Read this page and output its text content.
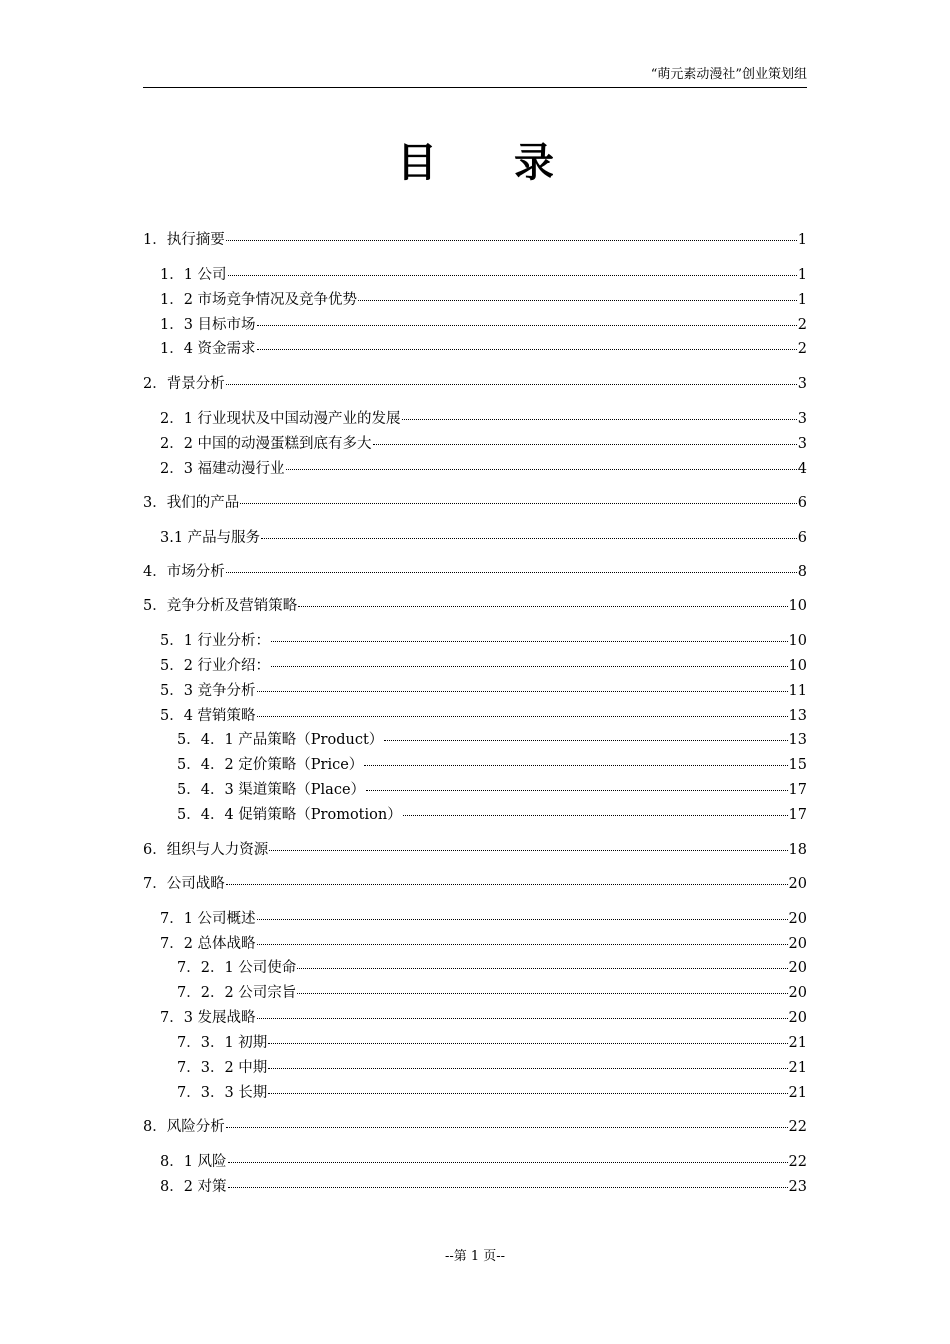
“萌元素动漫社”创业策划组
目 录
1．执行摘要	1
1．1 公司	1
1．2 市场竞争情况及竞争优势	1
1．3 目标市场	2
1．4 资金需求	2
2．背景分析	3
2．1 行业现状及中国动漫产业的发展	3
2．2 中国的动漫蛋糕到底有多大	3
2．3 福建动漫行业	4
3．我们的产品	6
3.1 产品与服务	6
4．市场分析	8
5．竞争分析及营销策略	10
5．1 行业分析：	10
5．2 行业介绍：	10
5．3 竞争分析	11
5．4 营销策略	13
5．4．1 产品策略（Product）	13
5．4．2 定价策略（Price）	15
5．4．3 渠道策略（Place）	17
5．4．4 促销策略（Promotion）	17
6．组织与人力资源	18
7．公司战略	20
7．1 公司概述	20
7．2 总体战略	20
7．2．1 公司使命	20
7．2．2 公司宗旨	20
7．3 发展战略	20
7．3．1 初期	21
7．3．2 中期	21
7．3．3 长期	21
8．风险分析	22
8．1 风险	22
8．2 对策	23
--第 1 页--
